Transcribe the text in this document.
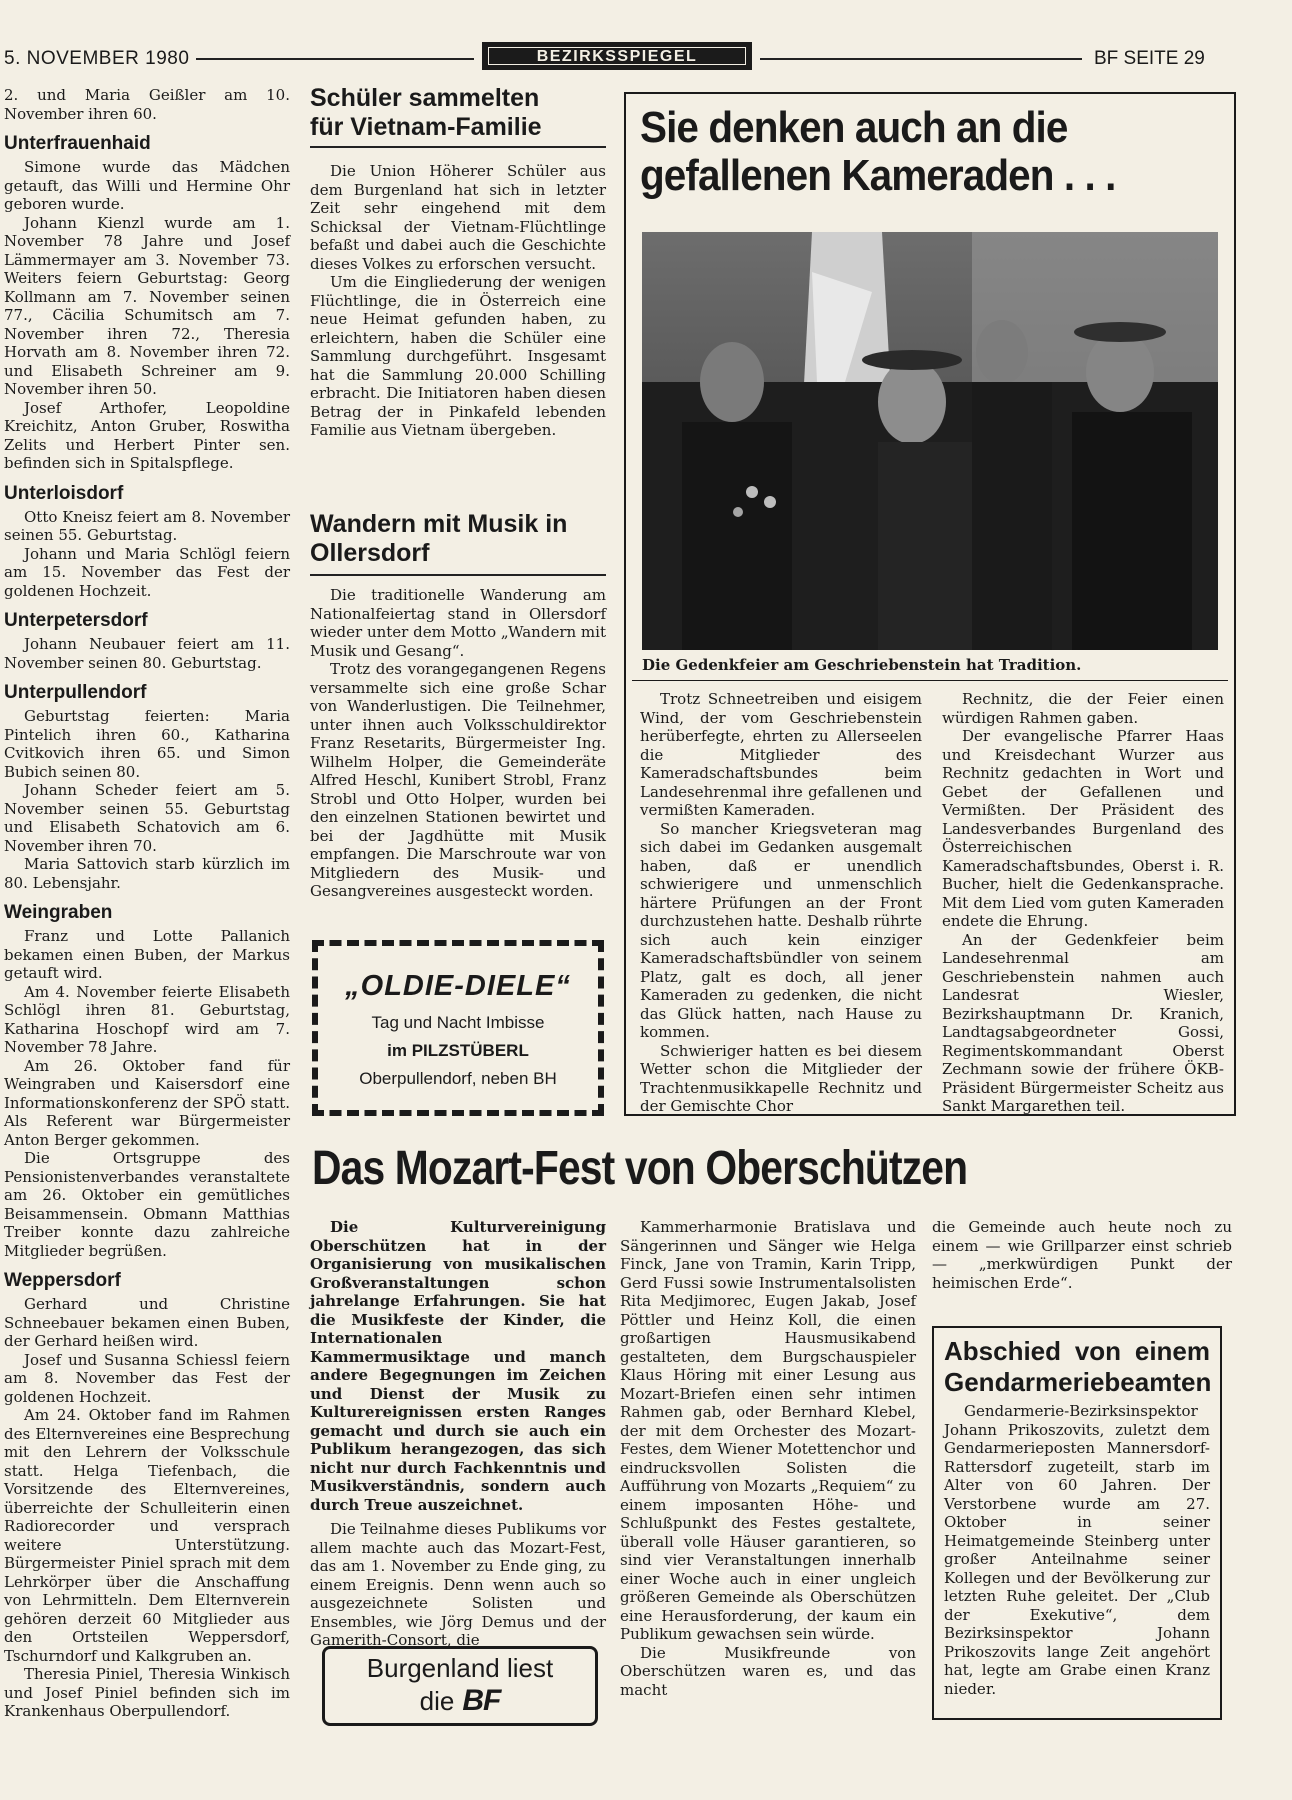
5. NOVEMBER 1980	BEZIRKSSPIEGEL	BF SEITE 29

2. und Maria Geißler am 10. November ihren 60.

Unterfrauenhaid

Simone wurde das Mädchen getauft, das Willi und Hermine Ohr geboren wurde.

Johann Kienzl wurde am 1. November 78 Jahre und Josef Lämmermayer am 3. November 73. Weiters feiern Geburtstag: Georg Kollmann am 7. November seinen 77., Cäcilia Schumitsch am 7. November ihren 72., Theresia Horvath am 8. November ihren 72. und Elisabeth Schreiner am 9. November ihren 50.

Josef Arthofer, Leopoldine Kreichitz, Anton Gruber, Roswitha Zelits und Herbert Pinter sen. befinden sich in Spitalspflege.

Unterloisdorf

Otto Kneisz feiert am 8. November seinen 55. Geburtstag.

Johann und Maria Schlögl feiern am 15. November das Fest der goldenen Hochzeit.

Unterpetersdorf

Johann Neubauer feiert am 11. November seinen 80. Geburtstag.

Unterpullendorf

Geburtstag feierten: Maria Pintelich ihren 60., Katharina Cvitkovich ihren 65. und Simon Bubich seinen 80.

Johann Scheder feiert am 5. November seinen 55. Geburtstag und Elisabeth Schatovich am 6. November ihren 70.

Maria Sattovich starb kürzlich im 80. Lebensjahr.

Weingraben

Franz und Lotte Pallanich bekamen einen Buben, der Markus getauft wird.

Am 4. November feierte Elisabeth Schlögl ihren 81. Geburtstag, Katharina Hoschopf wird am 7. November 78 Jahre.

Am 26. Oktober fand für Weingraben und Kaisersdorf eine Informationskonferenz der SPÖ statt. Als Referent war Bürgermeister Anton Berger gekommen.

Die Ortsgruppe des Pensionistenverbandes veranstaltete am 26. Oktober ein gemütliches Beisammensein. Obmann Matthias Treiber konnte dazu zahlreiche Mitglieder begrüßen.

Weppersdorf

Gerhard und Christine Schneebauer bekamen einen Buben, der Gerhard heißen wird.

Josef und Susanna Schiessl feiern am 8. November das Fest der goldenen Hochzeit.

Am 24. Oktober fand im Rahmen des Elternvereines eine Besprechung mit den Lehrern der Volksschule statt. Helga Tiefenbach, die Vorsitzende des Elternvereines, überreichte der Schulleiterin einen Radiorecorder und versprach weitere Unterstützung. Bürgermeister Piniel sprach mit dem Lehrkörper über die Anschaffung von Lehrmitteln. Dem Elternverein gehören derzeit 60 Mitglieder aus den Ortsteilen Weppersdorf, Tschurndorf und Kalkgruben an.

Theresia Piniel, Theresia Winkisch und Josef Piniel befinden sich im Krankenhaus Oberpullendorf.

Schüler sammelten für Vietnam-Familie

Die Union Höherer Schüler aus dem Burgenland hat sich in letzter Zeit sehr eingehend mit dem Schicksal der Vietnam-Flüchtlinge befaßt und dabei auch die Geschichte dieses Volkes zu erforschen versucht.

Um die Eingliederung der wenigen Flüchtlinge, die in Österreich eine neue Heimat gefunden haben, zu erleichtern, haben die Schüler eine Sammlung durchgeführt. Insgesamt hat die Sammlung 20.000 Schilling erbracht. Die Initiatoren haben diesen Betrag der in Pinkafeld lebenden Familie aus Vietnam übergeben.

Wandern mit Musik in Ollersdorf

Die traditionelle Wanderung am Nationalfeiertag stand in Ollersdorf wieder unter dem Motto „Wandern mit Musik und Gesang“.

Trotz des vorangegangenen Regens versammelte sich eine große Schar von Wanderlustigen. Die Teilnehmer, unter ihnen auch Volksschuldirektor Franz Resetarits, Bürgermeister Ing. Wilhelm Holper, die Gemeinderäte Alfred Heschl, Kunibert Strobl, Franz Strobl und Otto Holper, wurden bei den einzelnen Stationen bewirtet und bei der Jagdhütte mit Musik empfangen. Die Marschroute war von Mitgliedern des Musik- und Gesangvereines ausgesteckt worden.

„OLDIE-DIELE“
Tag und Nacht Imbisse
im PILZSTÜBERL
Oberpullendorf, neben BH
Sie denken auch an die gefallenen Kameraden . . .
Die Gedenkfeier am Geschriebenstein hat Tradition.

Trotz Schneetreiben und eisigem Wind, der vom Geschriebenstein herüberfegte, ehrten zu Allerseelen die Mitglieder des Kameradschaftsbundes beim Landesehrenmal ihre gefallenen und vermißten Kameraden.

So mancher Kriegsveteran mag sich dabei im Gedanken ausgemalt haben, daß er unendlich schwierigere und unmenschlich härtere Prüfungen an der Front durchzustehen hatte. Deshalb rührte sich auch kein einziger Kameradschaftsbündler von seinem Platz, galt es doch, all jener Kameraden zu gedenken, die nicht das Glück hatten, nach Hause zu kommen.

Schwieriger hatten es bei diesem Wetter schon die Mitglieder der Trachtenmusikkapelle Rechnitz und der Gemischte Chor

Rechnitz, die der Feier einen würdigen Rahmen gaben.

Der evangelische Pfarrer Haas und Kreisdechant Wurzer aus Rechnitz gedachten in Wort und Gebet der Gefallenen und Vermißten. Der Präsident des Landesverbandes Burgenland des Österreichischen Kameradschaftsbundes, Oberst i. R. Bucher, hielt die Gedenkansprache. Mit dem Lied vom guten Kameraden endete die Ehrung.

An der Gedenkfeier beim Landesehrenmal am Geschriebenstein nahmen auch Landesrat Wiesler, Bezirkshauptmann Dr. Kranich, Landtagsabgeordneter Gossi, Regimentskommandant Oberst Zechmann sowie der frühere ÖKB-Präsident Bürgermeister Scheitz aus Sankt Margarethen teil.

Das Mozart-Fest von Oberschützen

Die Kulturvereinigung Oberschützen hat in der Organisierung von musikalischen Großveranstaltungen schon jahrelange Erfahrungen. Sie hat die Musikfeste der Kinder, die Internationalen Kammermusiktage und manch andere Begegnungen im Zeichen und Dienst der Musik zu Kulturereignissen ersten Ranges gemacht und durch sie auch ein Publikum herangezogen, das sich nicht nur durch Fachkenntnis und Musikverständnis, sondern auch durch Treue auszeichnet.

Die Teilnahme dieses Publikums vor allem machte auch das Mozart-Fest, das am 1. November zu Ende ging, zu einem Ereignis. Denn wenn auch so ausgezeichnete Solisten und Ensembles, wie Jörg Demus und der Gamerith-Consort, die

Kammerharmonie Bratislava und Sängerinnen und Sänger wie Helga Finck, Jane von Tramin, Karin Tripp, Gerd Fussi sowie Instrumentalsolisten Rita Medjimorec, Eugen Jakab, Josef Pöttler und Heinz Koll, die einen großartigen Hausmusikabend gestalteten, dem Burgschauspieler Klaus Höring mit einer Lesung aus Mozart-Briefen einen sehr intimen Rahmen gab, oder Bernhard Klebel, der mit dem Orchester des Mozart-Festes, dem Wiener Motettenchor und eindrucksvollen Solisten die Aufführung von Mozarts „Requiem“ zu einem imposanten Höhe- und Schlußpunkt des Festes gestaltete, überall volle Häuser garantieren, so sind vier Veranstaltungen innerhalb einer Woche auch in einer ungleich größeren Gemeinde als Oberschützen eine Herausforderung, der kaum ein Publikum gewachsen sein würde.

Die Musikfreunde von Oberschützen waren es, und das macht

die Gemeinde auch heute noch zu einem — wie Grillparzer einst schrieb — „merkwürdigen Punkt der heimischen Erde“.

Abschied von einem Gendarmeriebeamten

Gendarmerie-Bezirksinspektor Johann Prikoszovits, zuletzt dem Gendarmerieposten Mannersdorf-Rattersdorf zugeteilt, starb im Alter von 60 Jahren. Der Verstorbene wurde am 27. Oktober in seiner Heimatgemeinde Steinberg unter großer Anteilnahme seiner Kollegen und der Bevölkerung zur letzten Ruhe geleitet. Der „Club der Exekutive“, dem Bezirksinspektor Johann Prikoszovits lange Zeit angehört hat, legte am Grabe einen Kranz nieder.

Burgenland liest
die BF
